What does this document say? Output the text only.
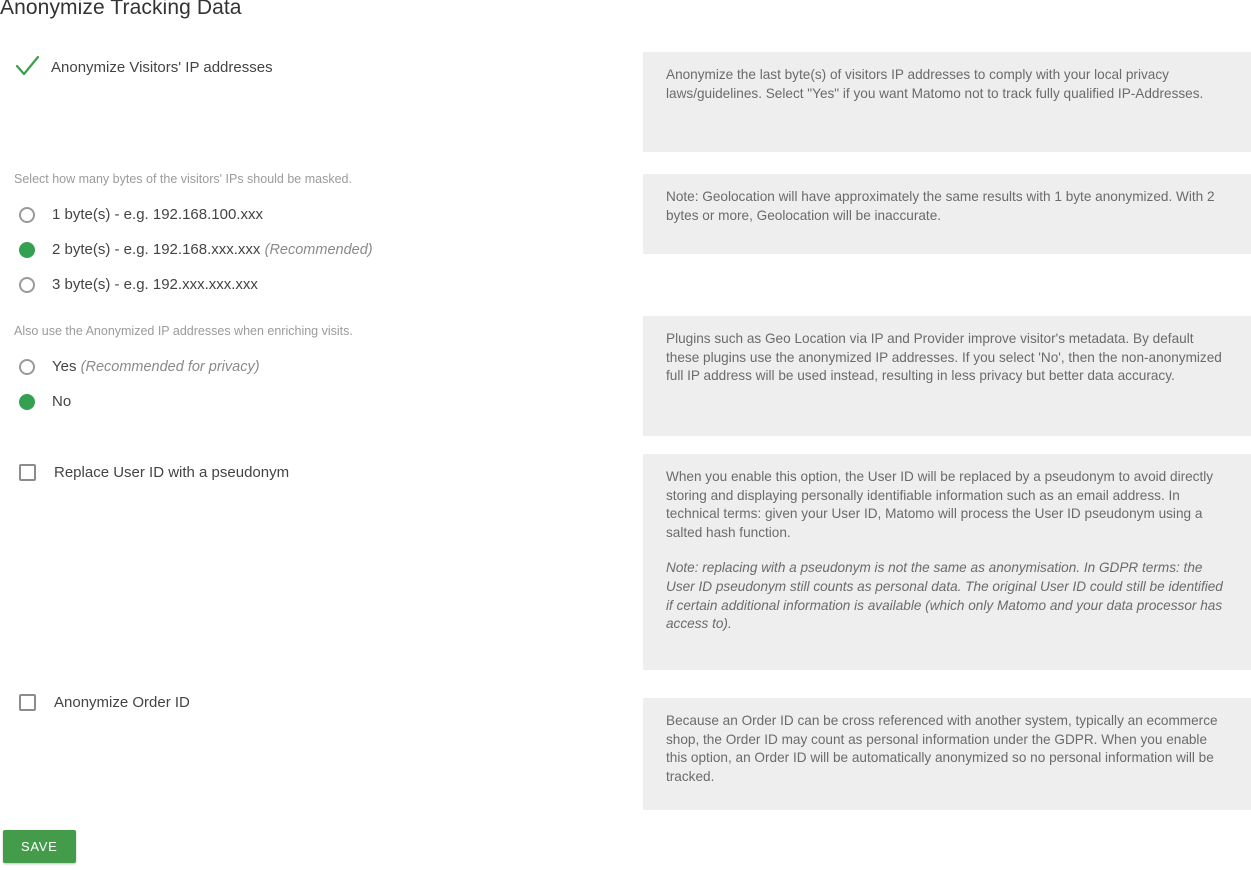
Anonymize Tracking Data
Anonymize Visitors' IP addresses
Select how many bytes of the visitors' IPs should be masked.
1 byte(s) - e.g. 192.168.100.xxx
2 byte(s) - e.g. 192.168.xxx.xxx (Recommended)
3 byte(s) - e.g. 192.xxx.xxx.xxx
Also use the Anonymized IP addresses when enriching visits.
Yes (Recommended for privacy)
No
Replace User ID with a pseudonym
Anonymize Order ID

Anonymize the last byte(s) of visitors IP addresses to comply with your local privacy laws/guidelines. Select "Yes" if you want Matomo not to track fully qualified IP-Addresses.

Note: Geolocation will have approximately the same results with 1 byte anonymized. With 2 bytes or more, Geolocation will be inaccurate.

Plugins such as Geo Location via IP and Provider improve visitor's metadata. By default these plugins use the anonymized IP addresses. If you select 'No', then the non-anonymized full IP address will be used instead, resulting in less privacy but better data accuracy.

When you enable this option, the User ID will be replaced by a pseudonym to avoid directly storing and displaying personally identifiable information such as an email address. In technical terms: given your User ID, Matomo will process the User ID pseudonym using a salted hash function.

Note: replacing with a pseudonym is not the same as anonymisation. In GDPR terms: the User ID pseudonym still counts as personal data. The original User ID could still be identified if certain additional information is available (which only Matomo and your data processor has access to).

Because an Order ID can be cross referenced with another system, typically an ecommerce shop, the Order ID may count as personal information under the GDPR. When you enable this option, an Order ID will be automatically anonymized so no personal information will be tracked.

SAVE
